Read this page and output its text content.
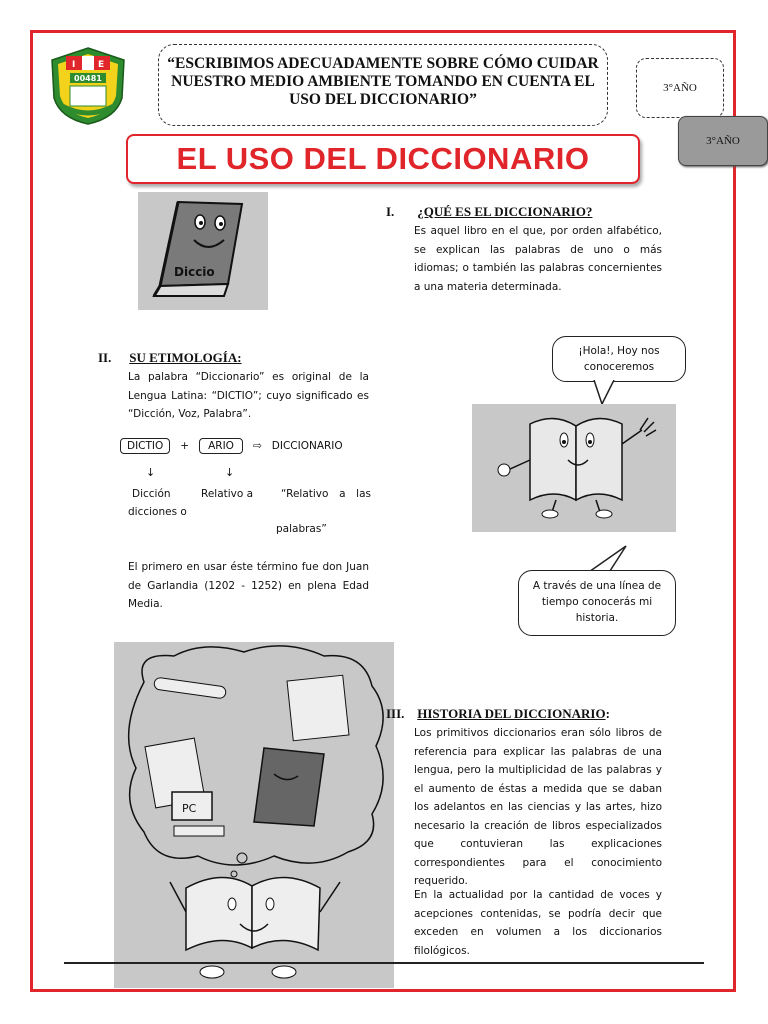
I	E
00481
“ESCRIBIMOS ADECUADAMENTE SOBRE CÓMO CUIDAR
NUESTRO MEDIO AMBIENTE TOMANDO EN CUENTA EL
USO DEL DICCIONARIO”
3°AÑO
3°AÑO
EL USO DEL DICCIONARIO
Diccio
I. ¿QUÉ ES EL DICCIONARIO?
Es aquel libro en el que, por orden alfabético, se explican las palabras de uno o más idiomas; o también las palabras concernientes a una materia determinada.
¡Hola!, Hoy nos
conoceremos
II. SU ETIMOLOGÍA:
La palabra “Diccionario” es original de la Lengua Latina: “DICTIO”; cuyo significado es “Dicción, Voz, Palabra”.
DICTIO	+	ARIO	⇨ DICCIONARIO
↓	↓
Dicción	Relativo a	“Relativo a las
dicciones o
palabras”
El primero en usar éste término fue don Juan de Garlandia (1202 - 1252) en plena Edad Media.
A través de una línea de
tiempo conocerás mi
historia.
PC
III. HISTORIA DEL DICCIONARIO:
Los primitivos diccionarios eran sólo libros de referencia para explicar las palabras de una lengua, pero la multiplicidad de las palabras y el aumento de éstas a medida que se daban los adelantos en las ciencias y las artes, hizo necesario la creación de libros especializados que contuvieran las explicaciones correspondientes para el conocimiento requerido.
En la actualidad por la cantidad de voces y acepciones contenidas, se podría decir que exceden en volumen a los diccionarios filológicos.
